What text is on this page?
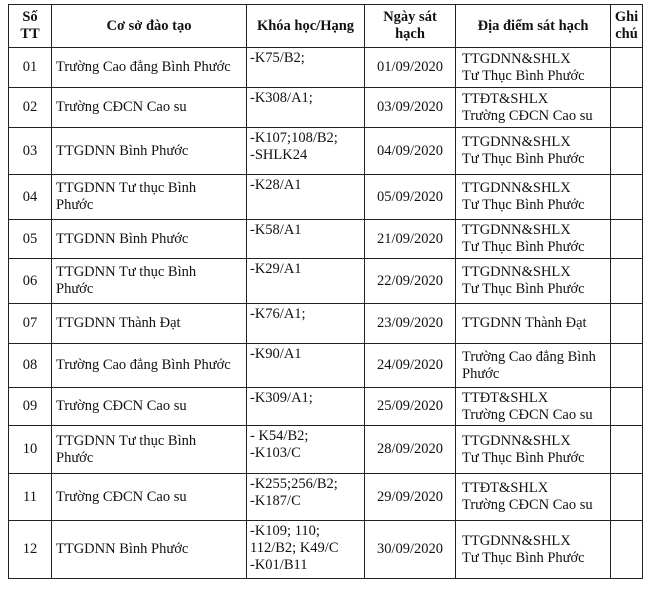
Số
TT	Cơ sở đào tạo	Khóa học/Hạng	Ngày sát
hạch	Địa điểm sát hạch	Ghi
chú

01	Trường Cao đẳng Bình Phước	-K75/B2;	01/09/2020	TTGDNN&SHLX
Tư Thục Bình Phước	

02	Trường CĐCN Cao su	-K308/A1;	03/09/2020	TTĐT&SHLX
Trường CĐCN Cao su	

03	TTGDNN Bình Phước	-K107;108/B2;
-SHLK24	04/09/2020	TTGDNN&SHLX
Tư Thục Bình Phước	

04	TTGDNN Tư thục Bình
Phước	-K28/A1	05/09/2020	TTGDNN&SHLX
Tư Thục Bình Phước	

05	TTGDNN Bình Phước	-K58/A1	21/09/2020	TTGDNN&SHLX
Tư Thục Bình Phước	

06	TTGDNN Tư thục Bình
Phước	-K29/A1	22/09/2020	TTGDNN&SHLX
Tư Thục Bình Phước	

07	TTGDNN Thành Đạt	-K76/A1;	23/09/2020	TTGDNN Thành Đạt	

08	Trường Cao đẳng Bình Phước	-K90/A1	24/09/2020	Trường Cao đẳng Bình
Phước	

09	Trường CĐCN Cao su	-K309/A1;	25/09/2020	TTĐT&SHLX
Trường CĐCN Cao su	

10	TTGDNN Tư thục Bình
Phước	- K54/B2;
-K103/C	28/09/2020	TTGDNN&SHLX
Tư Thục Bình Phước	

11	Trường CĐCN Cao su	-K255;256/B2;
-K187/C	29/09/2020	TTĐT&SHLX
Trường CĐCN Cao su	

12	TTGDNN Bình Phước	-K109; 110;
112/B2; K49/C
-K01/B11	30/09/2020	TTGDNN&SHLX
Tư Thục Bình Phước	
